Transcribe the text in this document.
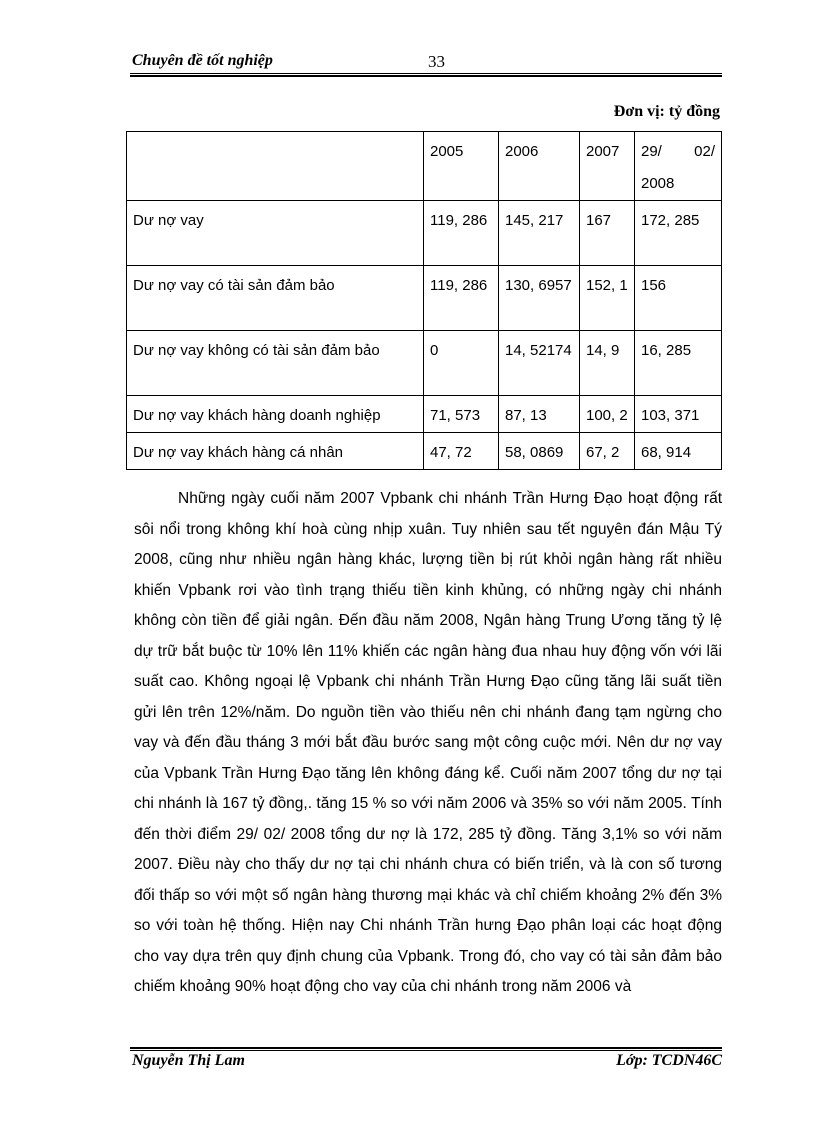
Chuyên đề tốt nghiệp	33
Đơn vị: tỷ đồng
	2005	2006	2007	29/ 02/
2008

Dư nợ vay	119, 286	145, 217	167	172, 285
Dư nợ vay có tài sản đảm bảo	119, 286	130, 6957	152, 1	156
Dư nợ vay không có tài sản đảm bảo	0	14, 52174	14, 9	16, 285
Dư nợ vay khách hàng doanh nghiệp	71, 573	87, 13	100, 2	103, 371
Dư nợ vay khách hàng cá nhân	47, 72	58, 0869	67, 2	68, 914

Những ngày cuối năm 2007 Vpbank chi nhánh Trần Hưng Đạo hoạt động rất sôi nổi trong không khí hoà cùng nhịp xuân. Tuy nhiên sau tết nguyên đán Mậu Tý 2008, cũng như nhiều ngân hàng khác, lượng tiền bị rút khỏi ngân hàng rất nhiều khiến Vpbank rơi vào tình trạng thiếu tiền kinh khủng, có những ngày chi nhánh không còn tiền để giải ngân. Đến đầu năm 2008, Ngân hàng Trung Ương tăng tỷ lệ dự trữ bắt buộc từ 10% lên 11% khiến các ngân hàng đua nhau huy động vốn với lãi suất cao. Không ngoại lệ Vpbank chi nhánh Trần Hưng Đạo cũng tăng lãi suất tiền gửi lên trên 12%/năm. Do nguồn tiền vào thiếu nên chi nhánh đang tạm ngừng cho vay và đến đầu tháng 3 mới bắt đầu bước sang một công cuộc mới. Nên dư nợ vay của Vpbank Trần Hưng Đạo tăng lên không đáng kể. Cuối năm 2007 tổng dư nợ tại chi nhánh là 167 tỷ đồng,. tăng 15 % so với năm 2006 và 35% so với năm 2005. Tính đến thời điểm 29/ 02/ 2008 tổng dư nợ là 172, 285 tỷ đồng. Tăng 3,1% so với năm 2007. Điều này cho thấy dư nợ tại chi nhánh chưa có biến triển, và là con số tương đối thấp so với một số ngân hàng thương mại khác và chỉ chiếm khoảng 2% đến 3% so với toàn hệ thống. Hiện nay Chi nhánh Trần hưng Đạo phân loại các hoạt động cho vay dựa trên quy định chung của Vpbank. Trong đó, cho vay có tài sản đảm bảo chiếm khoảng 90% hoạt động cho vay của chi nhánh trong năm 2006 và

Nguyễn Thị Lam	Lớp: TCDN46C
